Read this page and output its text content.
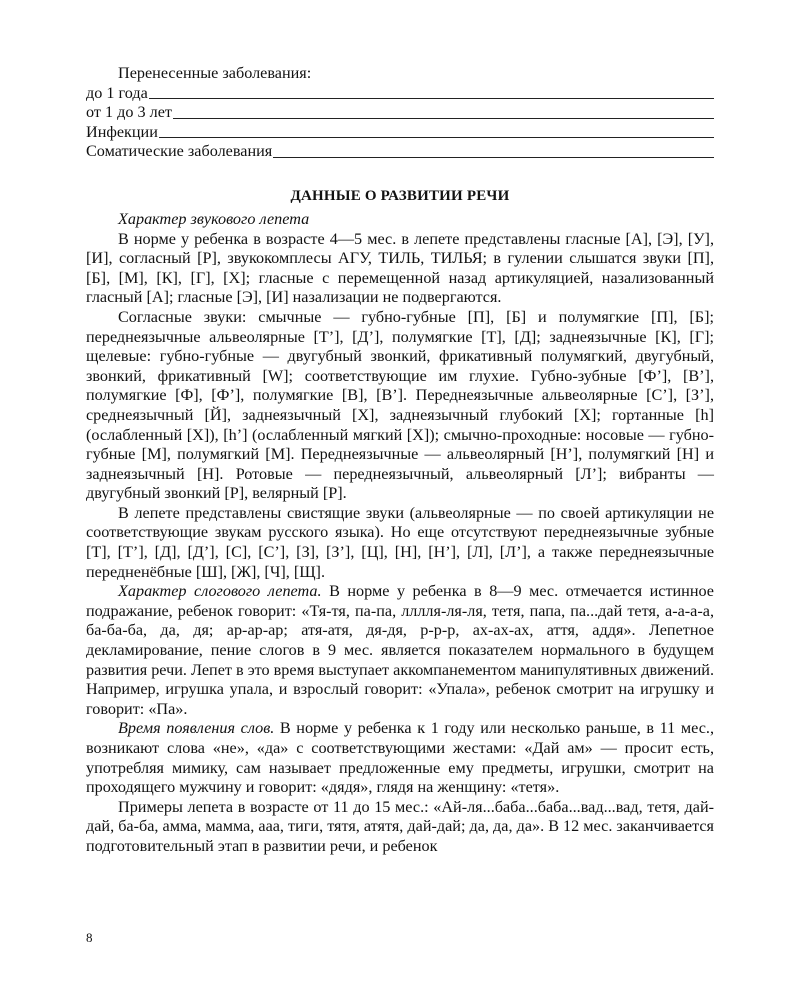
Перенесенные заболевания:
до 1 года
от 1 до 3 лет
Инфекции
Соматические заболевания
ДАННЫЕ О РАЗВИТИИ РЕЧИ

Характер звукового лепета

В норме у ребенка в возрасте 4—5 мес. в лепете представлены гласные [А], [Э], [У], [И], согласный [Р], звукокомплесы АГУ, ТИЛЬ, ТИЛЬЯ; в гулении слышатся звуки [П], [Б], [М], [К], [Г], [X]; гласные с перемещенной назад артикуляцией, назализованный гласный [А]; гласные [Э], [И] назализации не подвергаются.

Согласные звуки: смычные — губно-губные [П], [Б] и полумягкие [П], [Б]; переднеязычные альвеолярные [Т’], [Д’], полумягкие [Т], [Д]; заднеязычные [К], [Г]; щелевые: губно-губные — двугубный звонкий, фрикативный полумягкий, двугубный, звонкий, фрикативный [W]; соответствующие им глухие. Губно-зубные [Ф’], [В’], полумягкие [Ф], [Ф’], полумягкие [В], [В’]. Переднеязычные альвеолярные [С’], [З’], среднеязычный [Й], заднеязычный [X], заднеязычный глубокий [X]; гортанные [h] (ослабленный [X]), [h’] (ослабленный мягкий [X]); смычно-проходные: носовые — губно-губные [М], полумягкий [М]. Переднеязычные — альвеолярный [Н’], полумягкий [Н] и заднеязычный [Н]. Ротовые — переднеязычный, альвеолярный [Л’]; вибранты — двугубный звонкий [Р], велярный [Р].

В лепете представлены свистящие звуки (альвеолярные — по своей артикуляции не соответствующие звукам русского языка). Но еще отсутствуют переднеязычные зубные [Т], [Т’], [Д], [Д’], [С], [С’], [З], [З’], [Ц], [Н], [Н’], [Л], [Л’], а также переднеязычные передненёбные [Ш], [Ж], [Ч], [Щ].

Характер слогового лепета. В норме у ребенка в 8—9 мес. отмечается истинное подражание, ребенок говорит: «Тя-тя, па-па, лллля-ля-ля, тетя, папа, па...дай тетя, а-а-а-а, ба-ба-ба, да, дя; ар-ар-ар; атя-атя, дя-дя, р-р-р, ах-ах-ах, аття, аддя». Лепетное декламирование, пение слогов в 9 мес. является показателем нормального в будущем развития речи. Лепет в это время выступает аккомпанементом манипулятивных движений. Например, игрушка упала, и взрослый говорит: «Упала», ребенок смотрит на игрушку и говорит: «Па».

Время появления слов. В норме у ребенка к 1 году или несколько раньше, в 11 мес., возникают слова «не», «да» с соответствующими жестами: «Дай ам» — просит есть, употребляя мимику, сам называет предложенные ему предметы, игрушки, смотрит на проходящего мужчину и говорит: «дядя», глядя на женщину: «тетя».

Примеры лепета в возрасте от 11 до 15 мес.: «Ай-ля...баба...баба...вад...вад, тетя, дай-дай, ба-ба, амма, мамма, ааа, тиги, тятя, атятя, дай-дай; да, да, да». В 12 мес. заканчивается подготовительный этап в развитии речи, и ребенок

8
